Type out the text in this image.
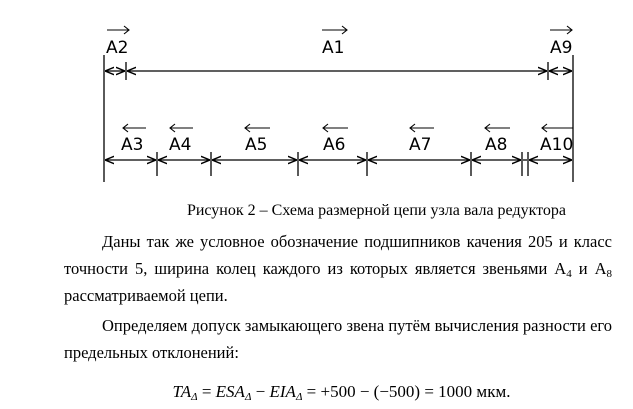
A2	A1	A9
A3 A4	A5	A6	A7	A8 A10
Рисунок 2 – Схема размерной цепи узла вала редуктора
Даны так же условное обозначение подшипников качения 205 и класс точности 5, ширина колец каждого из которых является звеньями $А_4$ и $А_8$ рассматриваемой цепи.
Определяем допуск замыкающего звена путём вычисления разности его предельных отклонений:
$TA_\Delta = ESA_\Delta - EIA_\Delta = +500 - (-500) = 1000$ мкм.
